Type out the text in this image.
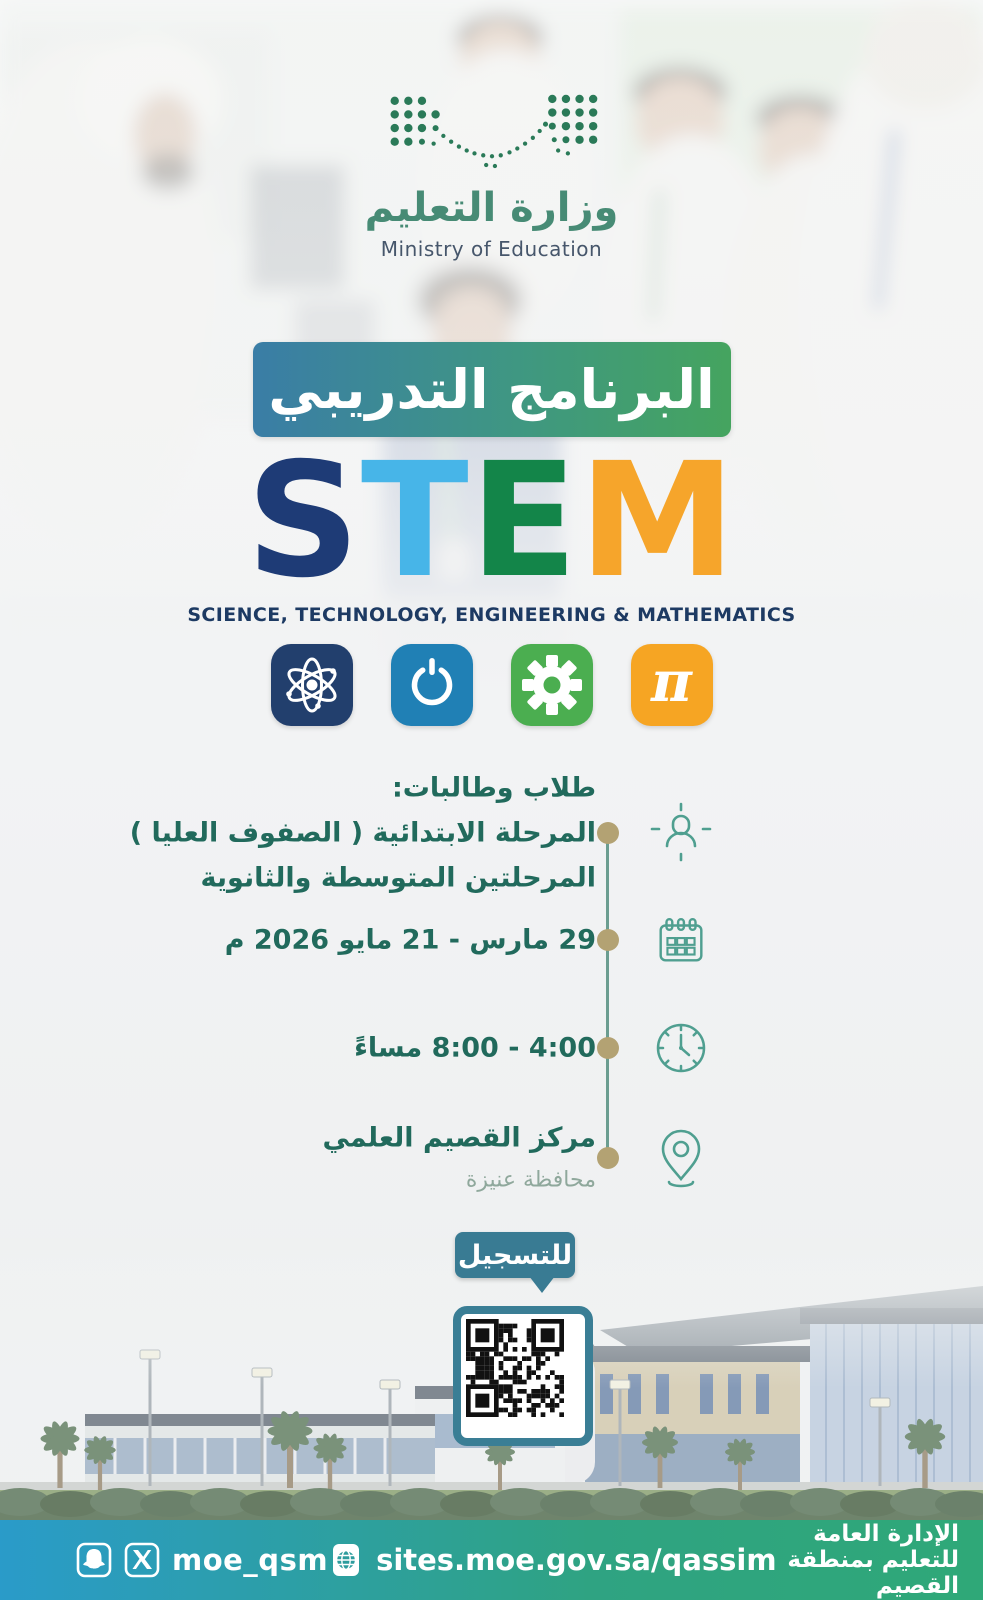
وزارة التعليم
Ministry of Education
البرنامج التدريبي
STEM
SCIENCE, TECHNOLOGY, ENGINEERING & MATHEMATICS
π
طلاب وطالبات:
المرحلة الابتدائية ( الصفوف العليا )
المرحلتين المتوسطة والثانوية
29 مارس - 21 مايو 2026 م
4:00 - 8:00 مساءً
مركز القصيم العلمي
محافظة عنيزة
للتسجيل
الإدارة العامة للتعليم بمنطقة القصيم
sites.moe.gov.sa/qassim
moe_qsm
